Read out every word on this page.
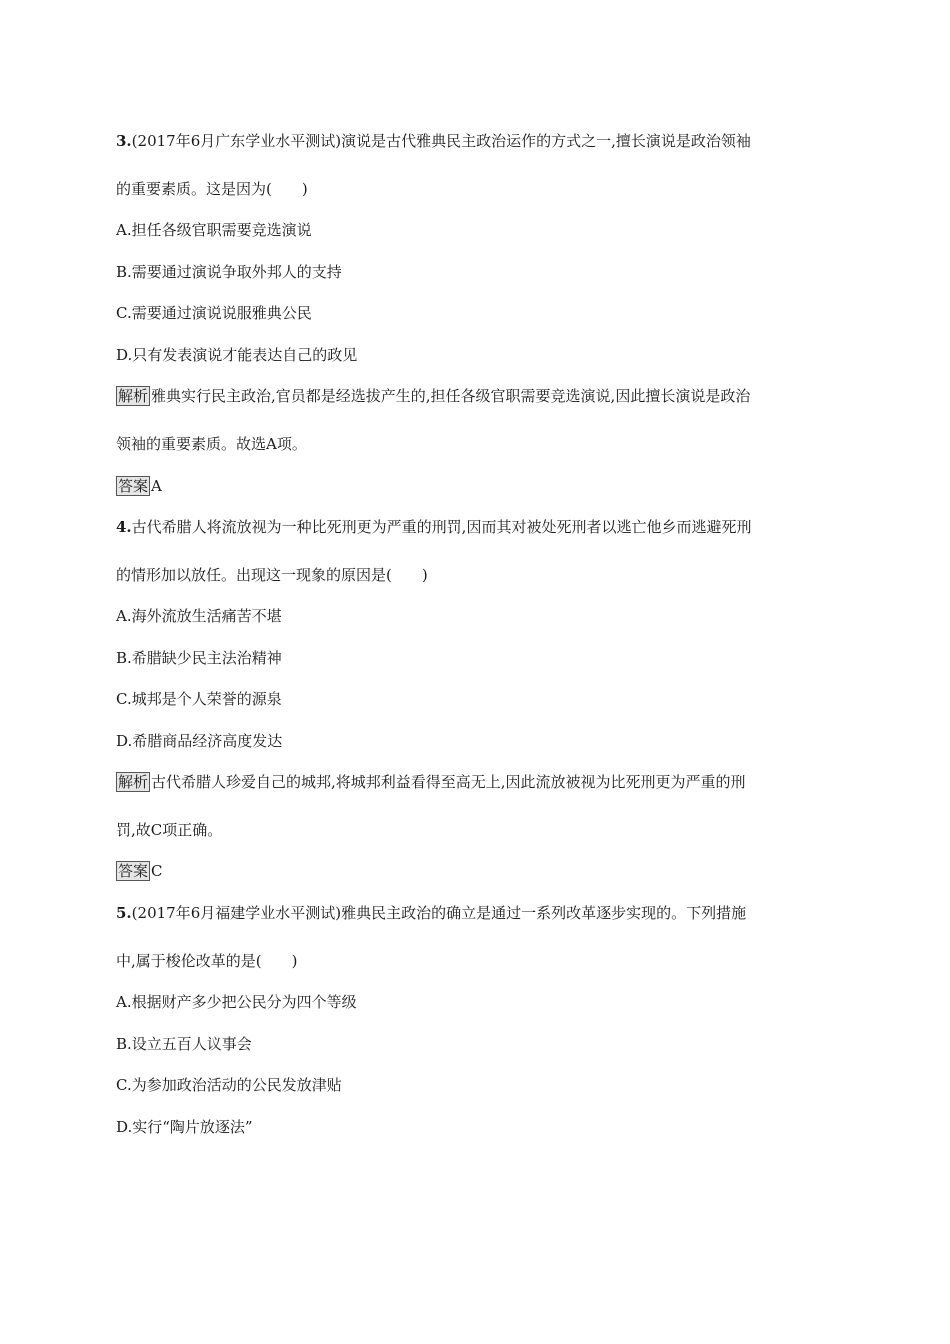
3.(2017年6月广东学业水平测试)演说是古代雅典民主政治运作的方式之一,擅长演说是政治领袖
的重要素质。这是因为(　　)
A.担任各级官职需要竞选演说
B.需要通过演说争取外邦人的支持
C.需要通过演说说服雅典公民
D.只有发表演说才能表达自己的政见
解析 雅典实行民主政治,官员都是经选拔产生的,担任各级官职需要竞选演说,因此擅长演说是政治
领袖的重要素质。故选A项。
答案 A
4.古代希腊人将流放视为一种比死刑更为严重的刑罚,因而其对被处死刑者以逃亡他乡而逃避死刑
的情形加以放任。出现这一现象的原因是(　　)
A.海外流放生活痛苦不堪
B.希腊缺少民主法治精神
C.城邦是个人荣誉的源泉
D.希腊商品经济高度发达
解析 古代希腊人珍爱自己的城邦,将城邦利益看得至高无上,因此流放被视为比死刑更为严重的刑
罚,故C项正确。
答案 C
5.(2017年6月福建学业水平测试)雅典民主政治的确立是通过一系列改革逐步实现的。下列措施
中,属于梭伦改革的是(　　)
A.根据财产多少把公民分为四个等级
B.设立五百人议事会
C.为参加政治活动的公民发放津贴
D.实行“陶片放逐法”
